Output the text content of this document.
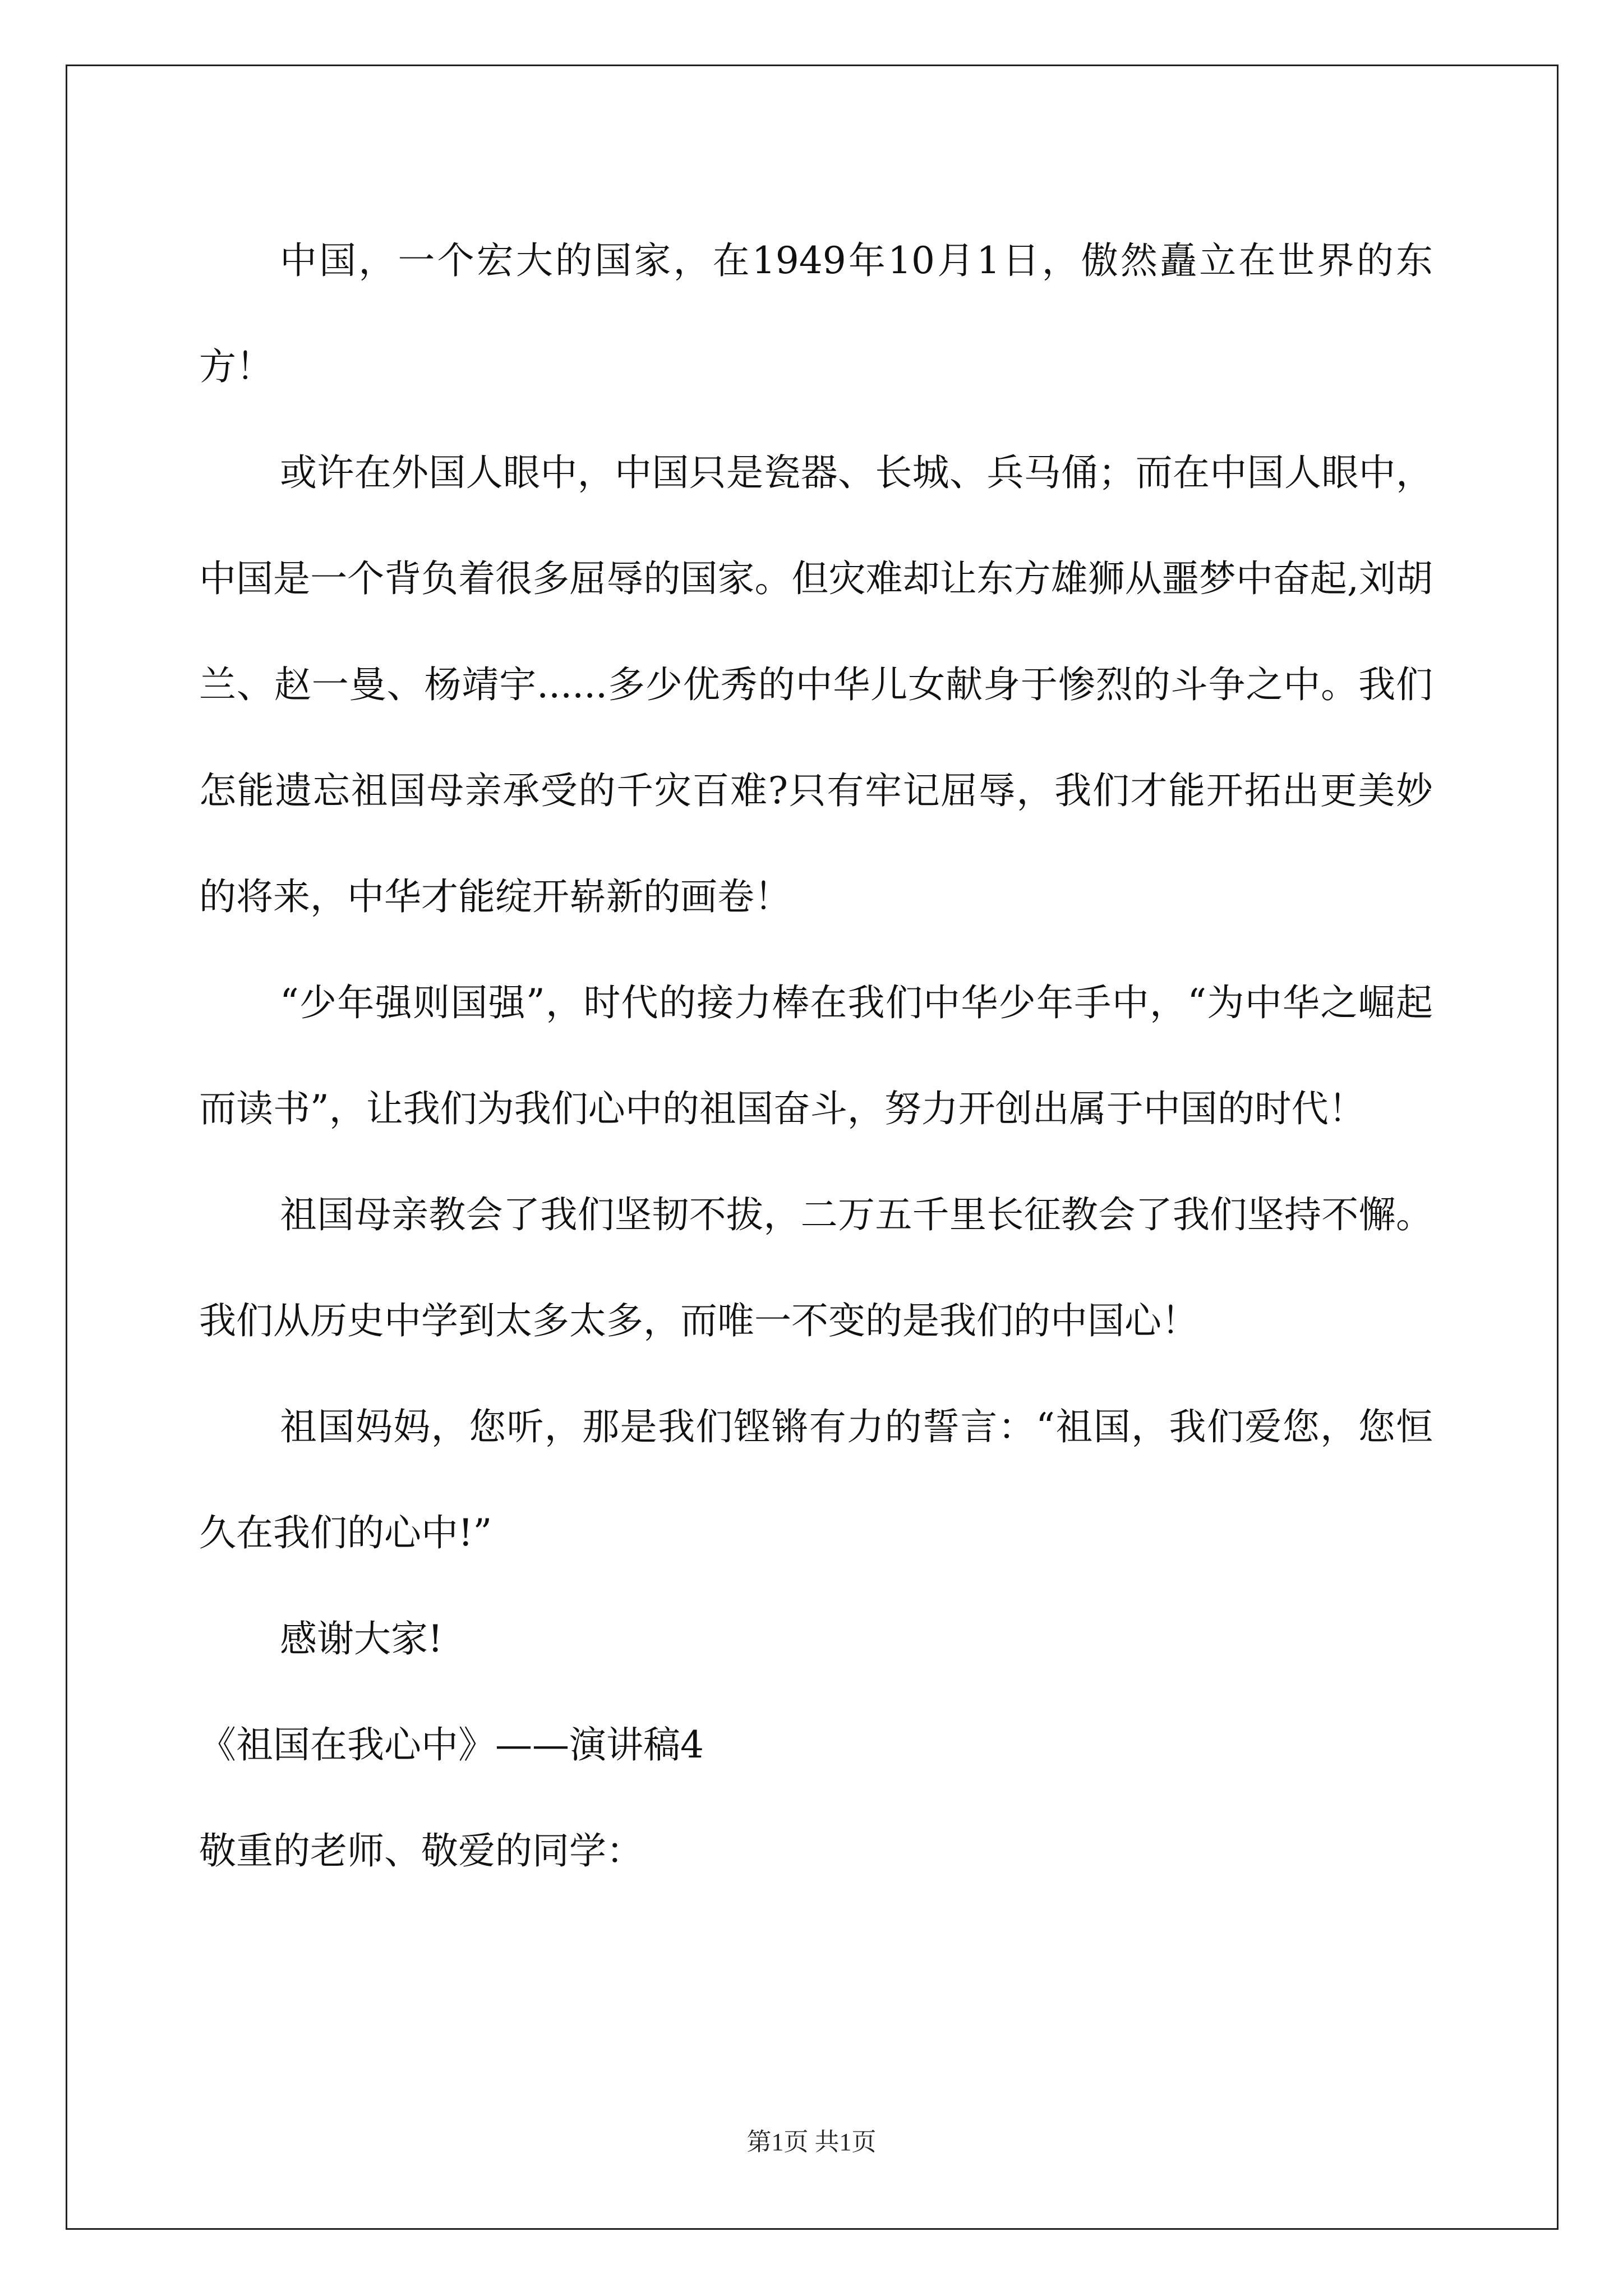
中国，一个宏大的国家，在1949年10月1日，傲然矗立在世界的东方！

或许在外国人眼中，中国只是瓷器、长城、兵马俑；而在中国人眼中，中国是一个背负着很多屈辱的国家。但灾难却让东方雄狮从噩梦中奋起,刘胡兰、赵一曼、杨靖宇......多少优秀的中华儿女献身于惨烈的斗争之中。我们怎能遗忘祖国母亲承受的千灾百难?只有牢记屈辱，我们才能开拓出更美妙的将来，中华才能绽开崭新的画卷！

“少年强则国强”，时代的接力棒在我们中华少年手中，“为中华之崛起而读书”，让我们为我们心中的祖国奋斗，努力开创出属于中国的时代！

祖国母亲教会了我们坚韧不拔，二万五千里长征教会了我们坚持不懈。我们从历史中学到太多太多，而唯一不变的是我们的中国心！

祖国妈妈，您听，那是我们铿锵有力的誓言：“祖国，我们爱您，您恒久在我们的心中!”

感谢大家!

《祖国在我心中》——演讲稿4

敬重的老师、敬爱的同学：

第1页 共1页
